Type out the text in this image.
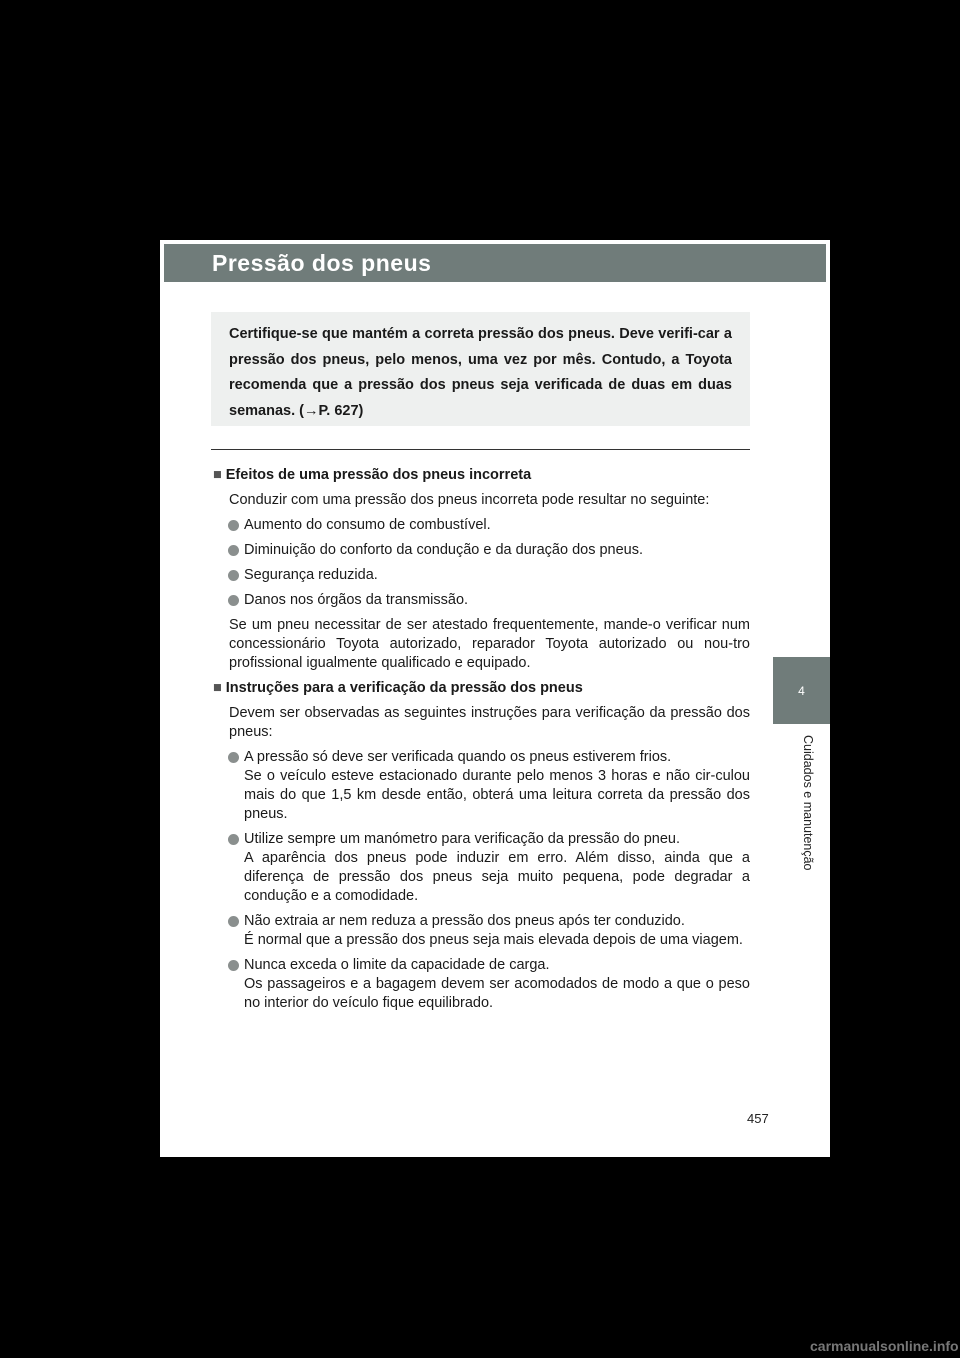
Pressão dos pneus
Certifique-se que mantém a correta pressão dos pneus. Deve verifi-car a pressão dos pneus, pelo menos, uma vez por mês. Contudo, a Toyota recomenda que a pressão dos pneus seja verificada de duas em duas semanas. (→P. 627)
■ Efeitos de uma pressão dos pneus incorreta
Conduzir com uma pressão dos pneus incorreta pode resultar no seguinte:
Aumento do consumo de combustível.
Diminuição do conforto da condução e da duração dos pneus.
Segurança reduzida.
Danos nos órgãos da transmissão.
Se um pneu necessitar de ser atestado frequentemente, mande-o verificar num concessionário Toyota autorizado, reparador Toyota autorizado ou nou-tro profissional igualmente qualificado e equipado.
■ Instruções para a verificação da pressão dos pneus
Devem ser observadas as seguintes instruções para verificação da pressão dos pneus:
A pressão só deve ser verificada quando os pneus estiverem frios.
Se o veículo esteve estacionado durante pelo menos 3 horas e não cir-culou mais do que 1,5 km desde então, obterá uma leitura correta da pressão dos pneus.
Utilize sempre um manómetro para verificação da pressão do pneu.
A aparência dos pneus pode induzir em erro. Além disso, ainda que a diferença de pressão dos pneus seja muito pequena, pode degradar a condução e a comodidade.
Não extraia ar nem reduza a pressão dos pneus após ter conduzido.
É normal que a pressão dos pneus seja mais elevada depois de uma viagem.
Nunca exceda o limite da capacidade de carga.
Os passageiros e a bagagem devem ser acomodados de modo a que o peso no interior do veículo fique equilibrado.
4
Cuidados e manutenção
457
carmanualsonline.info
